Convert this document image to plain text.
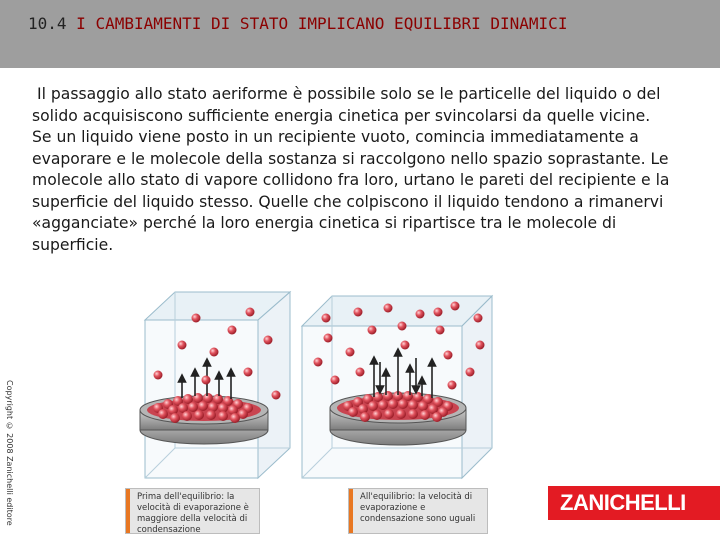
10.4 I CAMBIAMENTI DI STATO IMPLICANO EQUILIBRI DINAMICI

Il passaggio allo stato aeriforme è possibile solo se le particelle del liquido o del solido acquisiscono sufficiente energia cinetica per svincolarsi da quelle vicine.

Se un liquido viene posto in un recipiente vuoto, comincia immediatamente a evaporare e le molecole della sostanza si raccolgono nello spazio soprastante. Le molecole allo stato di vapore collidono fra loro, urtano le pareti del recipiente e la superficie del liquido stesso. Quelle che colpiscono il liquido tendono a rimanervi «agganciate» perché la loro energia cinetica si ripartisce tra le molecole di superficie.

Copyright © 2008 Zanichelli editore	Prima dell'equilibrio: la velocità di evaporazione è maggiore della velocità di condensazione
All'equilibrio: la velocità di evaporazione e condensazione sono uguali
ZANICHELLI
